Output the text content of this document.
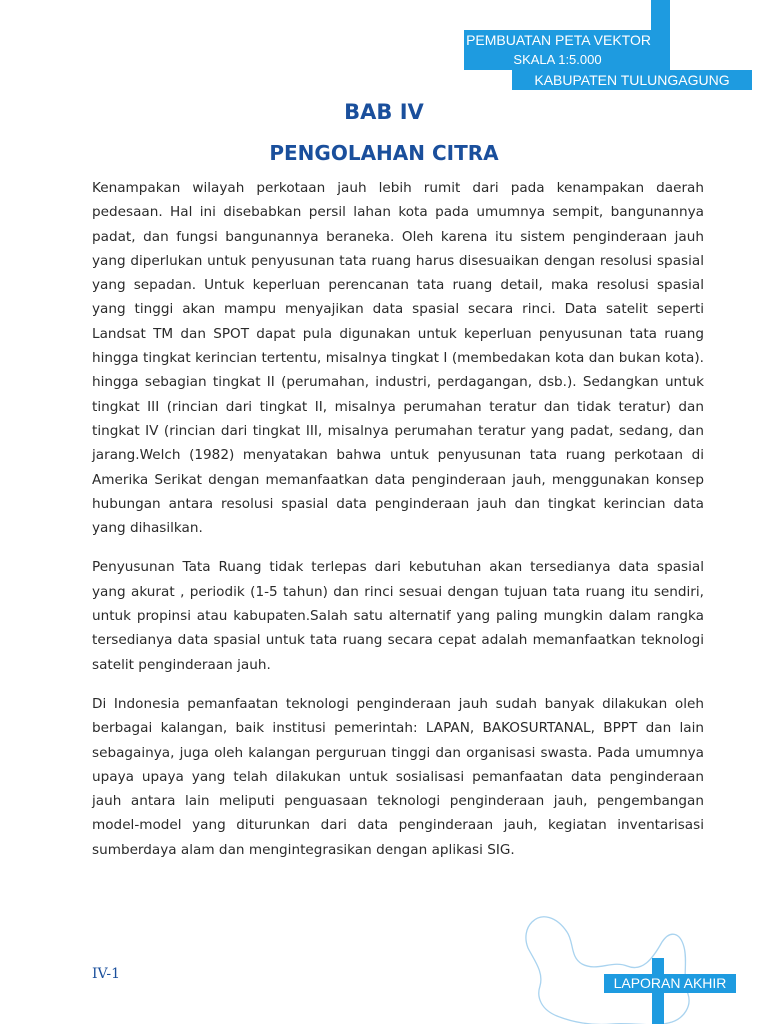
PEMBUATAN PETA VEKTOR
SKALA 1:5.000
KABUPATEN TULUNGAGUNG
BAB IV
PENGOLAHAN CITRA

Kenampakan wilayah perkotaan jauh lebih rumit dari pada kenampakan daerah pedesaan. Hal ini disebabkan persil lahan kota pada umumnya sempit, bangunannya padat, dan fungsi bangunannya beraneka. Oleh karena itu sistem penginderaan jauh yang diperlukan untuk penyusunan tata ruang harus disesuaikan dengan resolusi spasial yang sepadan. Untuk keperluan perencanan tata ruang detail, maka resolusi spasial yang tinggi akan mampu menyajikan data spasial secara rinci. Data satelit seperti Landsat TM dan SPOT dapat pula digunakan untuk keperluan penyusunan tata ruang hingga tingkat kerincian tertentu, misalnya tingkat I (membedakan kota dan bukan kota). hingga sebagian tingkat II (perumahan, industri, perdagangan, dsb.). Sedangkan untuk tingkat III (rincian dari tingkat II, misalnya perumahan teratur dan tidak teratur) dan tingkat IV (rincian dari tingkat III, misalnya perumahan teratur yang padat, sedang, dan jarang.Welch (1982) menyatakan bahwa untuk penyusunan tata ruang perkotaan di Amerika Serikat dengan memanfaatkan data penginderaan jauh, menggunakan konsep hubungan antara resolusi spasial data penginderaan jauh dan tingkat kerincian data yang dihasilkan.

Penyusunan Tata Ruang tidak terlepas dari kebutuhan akan tersedianya data spasial yang akurat , periodik (1-5 tahun) dan rinci sesuai dengan tujuan tata ruang itu sendiri, untuk propinsi atau kabupaten.Salah satu alternatif yang paling mungkin dalam rangka tersedianya data spasial untuk tata ruang secara cepat adalah memanfaatkan teknologi satelit penginderaan jauh.

Di Indonesia pemanfaatan teknologi penginderaan jauh sudah banyak dilakukan oleh berbagai kalangan, baik institusi pemerintah: LAPAN, BAKOSURTANAL, BPPT dan lain sebagainya, juga oleh kalangan perguruan tinggi dan organisasi swasta. Pada umumnya upaya upaya yang telah dilakukan untuk sosialisasi pemanfaatan data penginderaan jauh antara lain meliputi penguasaan teknologi penginderaan jauh, pengembangan model-model yang diturunkan dari data penginderaan jauh, kegiatan inventarisasi sumberdaya alam dan mengintegrasikan dengan aplikasi SIG.

LAPORAN AKHIR
IV-1
